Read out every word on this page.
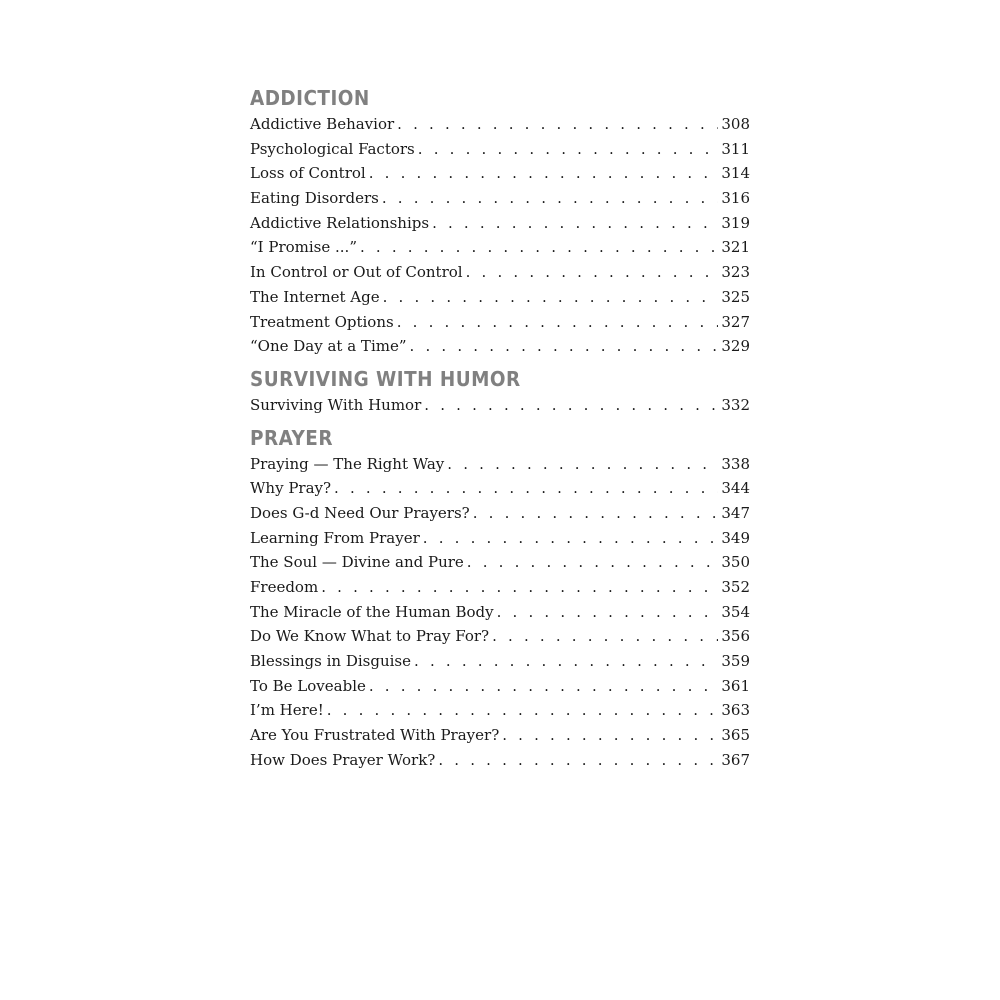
ADDICTION
Addictive Behavior . . .	308
Psychological Factors . . .	311
Loss of Control . . .	314
Eating Disorders . . .	316
Addictive Relationships . . .	319
“I Promise ...” . . .	321
In Control or Out of Control . . .	323
The Internet Age . . .	325
Treatment Options . . .	327
“One Day at a Time” . . .	329
SURVIVING WITH HUMOR
Surviving With Humor . . .	332
PRAYER
Praying — The Right Way . . .	338
Why Pray? . . .	344
Does G-d Need Our Prayers? . . .	347
Learning From Prayer . . .	349
The Soul — Divine and Pure . . .	350
Freedom . . .	352
The Miracle of the Human Body . . .	354
Do We Know What to Pray For? . . .	356
Blessings in Disguise . . .	359
To Be Loveable . . .	361
I’m Here! . . .	363
Are You Frustrated With Prayer? . . .	365
How Does Prayer Work? . . .	367
